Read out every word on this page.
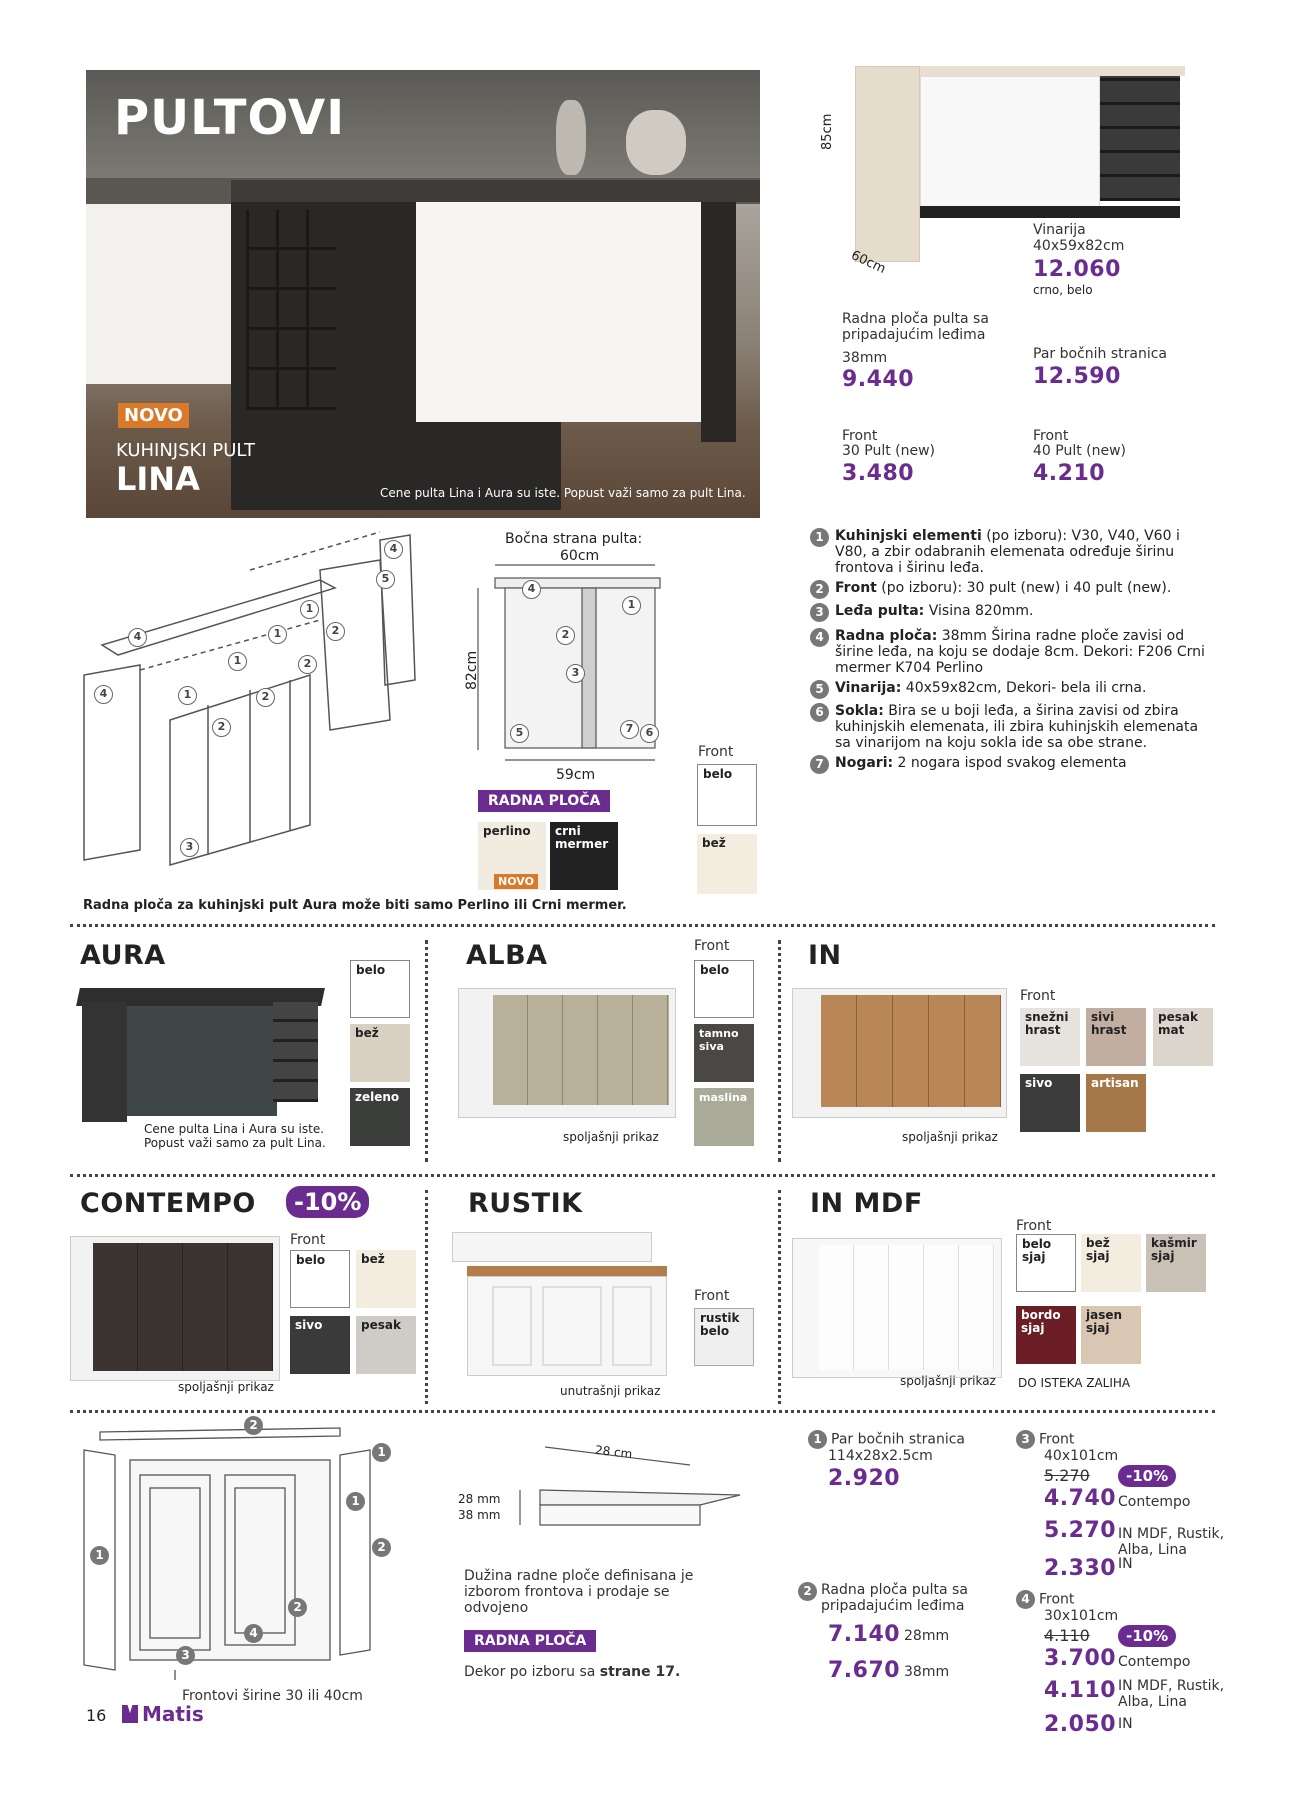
PULTOVI
NOVO
KUHINJSKI PULT
LINA	Cene pulta Lina i Aura su iste. Popust važi samo za pult Lina.
85cm
60cm
Vinarija
40x59x82cm
12.060
crno, belo
Radna ploča pulta sa pripadajućim leđima
38mm
9.440
Par bočnih stranica
12.590
Front
30 Pult (new)
3.480
Front
40 Pult (new)
4.210
4
4
4
5
1
1
1
1
2
2
2
2
3
Bočna strana pulta:
60cm
82cm
59cm
4
1
2
3
5	7	6
Front
belo
bež
RADNA PLOČA
perlino	crni mermer
NOVO
Radna ploča za kuhinjski pult Aura može biti samo Perlino ili Crni mermer.
1 Kuhinjski elementi (po izboru): V30, V40, V60 i V80, a zbir odabranih elemenata određuje širinu frontova i širinu leđa.
2 Front (po izboru): 30 pult (new) i 40 pult (new).
3 Leđa pulta: Visina 820mm.
4 Radna ploča: 38mm Širina radne ploče zavisi od širine leđa, na koju se dodaje 8cm. Dekori: F206 Crni mermer K704 Perlino
5 Vinarija: 40x59x82cm, Dekori- bela ili crna.
6 Sokla: Bira se u boji leđa, a širina zavisi od zbira kuhinjskih elemenata, ili zbira kuhinjskih elemenata sa vinarijom na koju sokla ide sa obe strane.
7 Nogari: 2 nogara ispod svakog elementa
AURA
Cene pulta Lina i Aura su iste. Popust važi samo za pult Lina.
belo
bež
zeleno
ALBA
spoljašnji prikaz
Front
belo
tamno siva
maslina
IN
spoljašnji prikaz
Front
snežni hrast
sivi hrast
pesak mat
sivo	artisan
CONTEMPO	-10%
spoljašnji prikaz
Front
belo	bež
sivo	pesak
RUSTIK
unutrašnji prikaz
Front
rustik belo
IN MDF
spoljašnji prikaz
Front
belo sjaj
bež sjaj
kašmir sjaj
bordo sjaj
jasen sjaj
DO ISTEKA ZALIHA
2
1
1
1
2
2
4
3
Frontovi širine 30 ili 40cm
28 cm
28 mm
38 mm
Dužina radne ploče definisana je izborom frontova i prodaje se odvojeno
RADNA PLOČA
Dekor po izboru sa strane 17.
1 Par bočnih stranica
114x28x2.5cm
2.920
2 Radna ploča pulta sa pripadajućim leđima
7.140 28mm
7.670 38mm
3 Front
40x101cm
5.270	-10%
4.740 Contempo
5.270 IN MDF, Rustik, Alba, Lina
2.330 IN
4 Front
30x101cm
4.110	-10%
3.700 Contempo
4.110 IN MDF, Rustik, Alba, Lina
2.050 IN
16 Matis
